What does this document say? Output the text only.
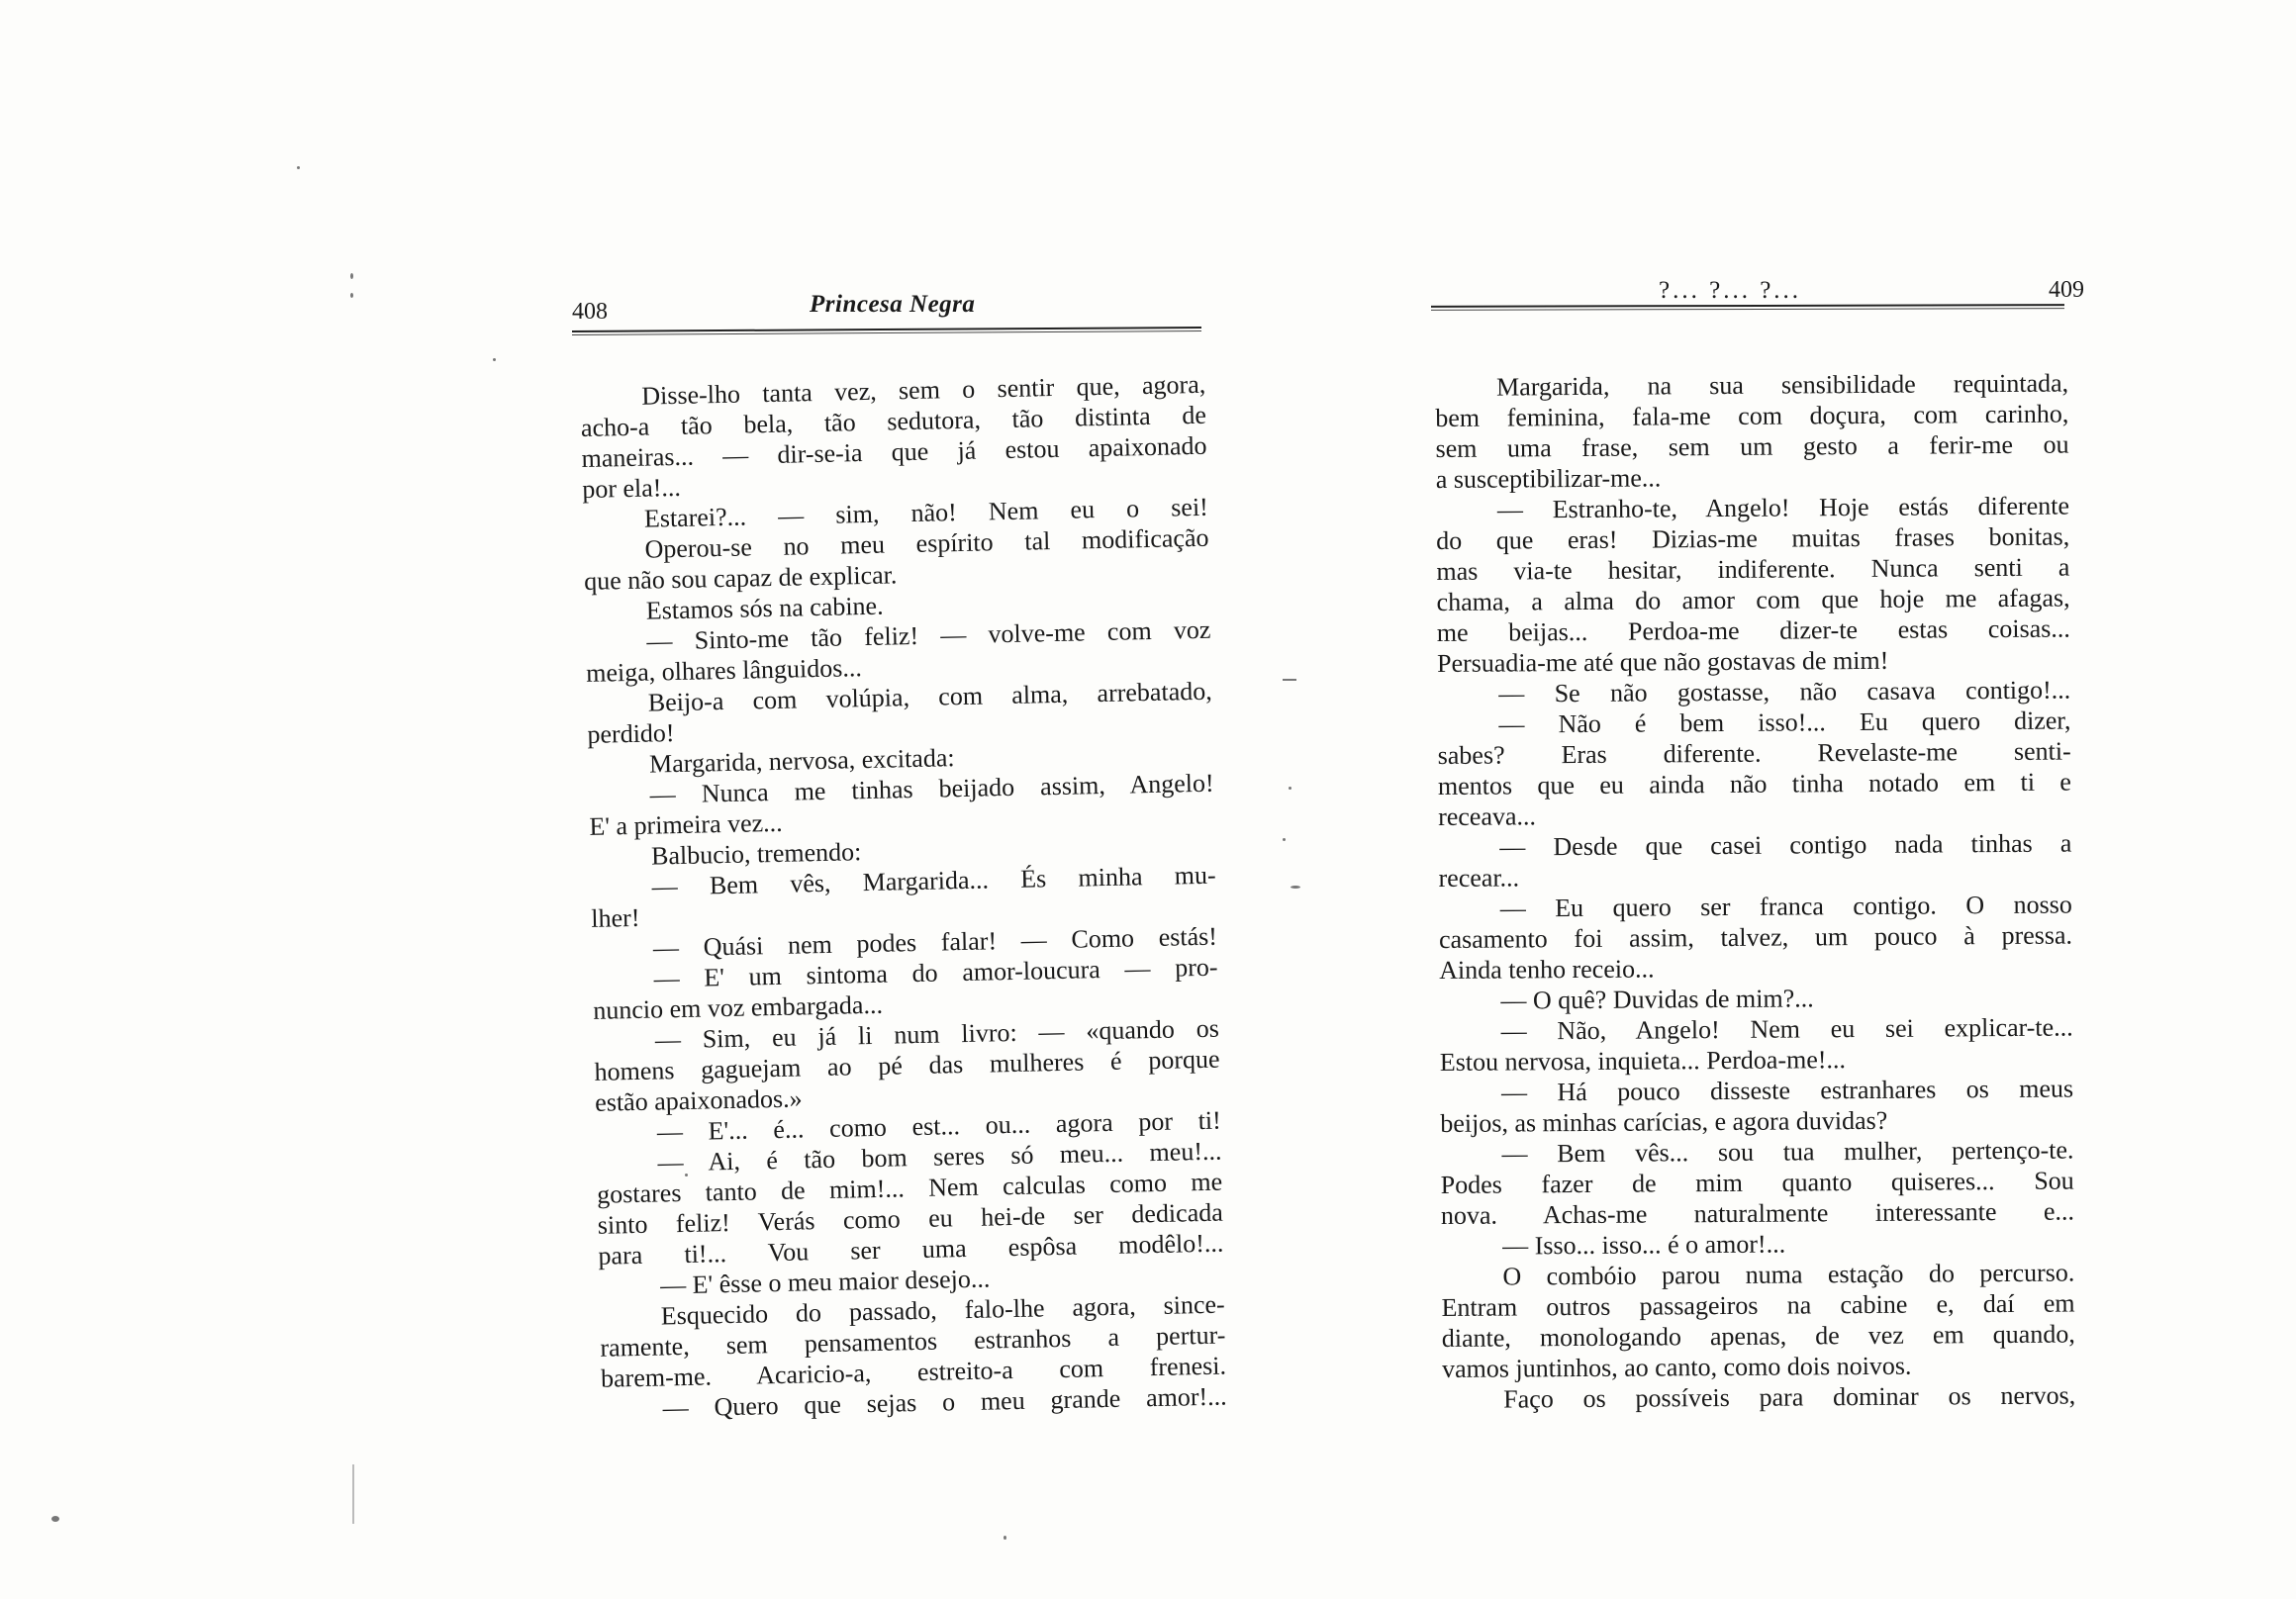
408	Princesa Negra
Disse-lho tanta vez, sem o sentir que, agora,
acho-a tão bela, tão sedutora, tão distinta de
maneiras... — dir-se-ia que já estou apaixonado
por ela!...
Estarei?... — sim, não! Nem eu o sei!
Operou-se no meu espírito tal modificação
que não sou capaz de explicar.
Estamos sós na cabine.
— Sinto-me tão feliz! — volve-me com voz
meiga, olhares lânguidos...
Beijo-a com volúpia, com alma, arrebatado,
perdido!
Margarida, nervosa, excitada:
— Nunca me tinhas beijado assim, Angelo!
E' a primeira vez...
Balbucio, tremendo:
— Bem vês, Margarida... És minha mu-
lher!
— Quási nem podes falar! — Como estás!
— E' um sintoma do amor-loucura — pro-
nuncio em voz embargada...
— Sim, eu já li num livro: — «quando os
homens gaguejam ao pé das mulheres é porque
estão apaixonados.»
— E'... é... como est... ou... agora por ti!
— Ai, é tão bom seres só meu... meu!...
gostares tanto de mim!... Nem calculas como me
sinto feliz! Verás como eu hei-de ser dedicada
para ti!... Vou ser uma espôsa modêlo!...
— E' êsse o meu maior desejo...
Esquecido do passado, falo-lhe agora, since-
ramente, sem pensamentos estranhos a pertur-
barem-me. Acaricio-a, estreito-a com frenesi.
— Quero que sejas o meu grande amor!...
?... ?... ?...	409
Margarida, na sua sensibilidade requintada,
bem feminina, fala-me com doçura, com carinho,
sem uma frase, sem um gesto a ferir-me ou
a susceptibilizar-me...
— Estranho-te, Angelo! Hoje estás diferente
do que eras! Dizias-me muitas frases bonitas,
mas via-te hesitar, indiferente. Nunca senti a
chama, a alma do amor com que hoje me afagas,
me beijas... Perdoa-me dizer-te estas coisas...
Persuadia-me até que não gostavas de mim!
— Se não gostasse, não casava contigo!...
— Não é bem isso!... Eu quero dizer,
sabes? Eras diferente. Revelaste-me senti-
mentos que eu ainda não tinha notado em ti e
receava...
— Desde que casei contigo nada tinhas a
recear...
— Eu quero ser franca contigo. O nosso
casamento foi assim, talvez, um pouco à pressa.
Ainda tenho receio...
— O quê? Duvidas de mim?...
— Não, Angelo! Nem eu sei explicar-te...
Estou nervosa, inquieta... Perdoa-me!...
— Há pouco disseste estranhares os meus
beijos, as minhas carícias, e agora duvidas?
— Bem vês... sou tua mulher, pertenço-te.
Podes fazer de mim quanto quiseres... Sou
nova. Achas-me naturalmente interessante e...
— Isso... isso... é o amor!...
O combóio parou numa estação do percurso.
Entram outros passageiros na cabine e, daí em
diante, monologando apenas, de vez em quando,
vamos juntinhos, ao canto, como dois noivos.
Faço os possíveis para dominar os nervos,
